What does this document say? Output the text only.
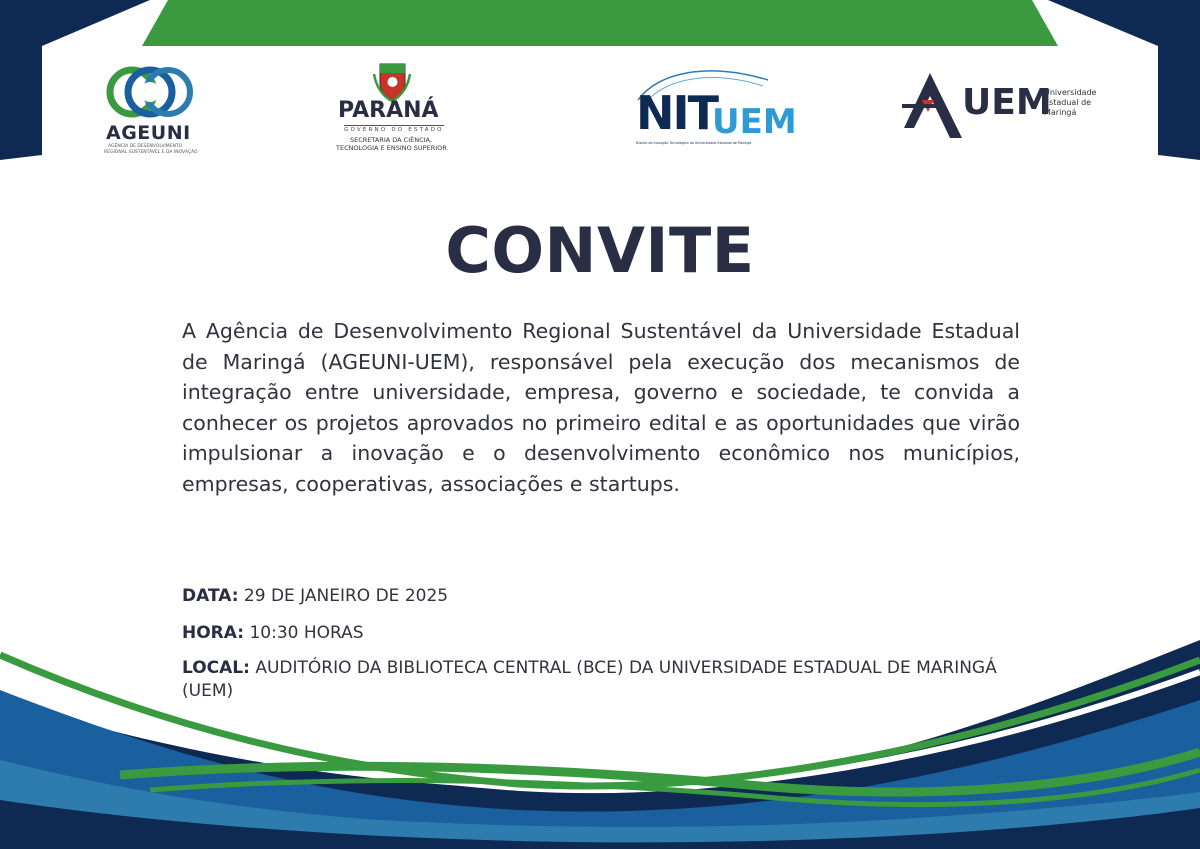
AGEUNI
AGÊNCIA DE DESENVOLVIMENTO
REGIONAL SUSTENTÁVEL E DA INOVAÇÃO
PARANÁ
GOVERNO DO ESTADO
SECRETARIA DA CIÊNCIA,
TECNOLOGIA E ENSINO SUPERIOR
NIT
UEM
Núcleo de Inovação Tecnológica da Universidade Estadual de Maringá
UEM
Universidade
Estadual de
Maringá
CONVITE
A Agência de Desenvolvimento Regional Sustentável da Universidade Estadual de Maringá (AGEUNI-UEM), responsável pela execução dos mecanismos de integração entre universidade, empresa, governo e sociedade, te convida a conhecer os projetos aprovados no primeiro edital e as oportunidades que virão impulsionar a inovação e o desenvolvimento econômico nos municípios, empresas, cooperativas, associações e startups.
DATA: 29 DE JANEIRO DE 2025
HORA: 10:30 HORAS
LOCAL: AUDITÓRIO DA BIBLIOTECA CENTRAL (BCE) DA UNIVERSIDADE ESTADUAL DE MARINGÁ (UEM)
